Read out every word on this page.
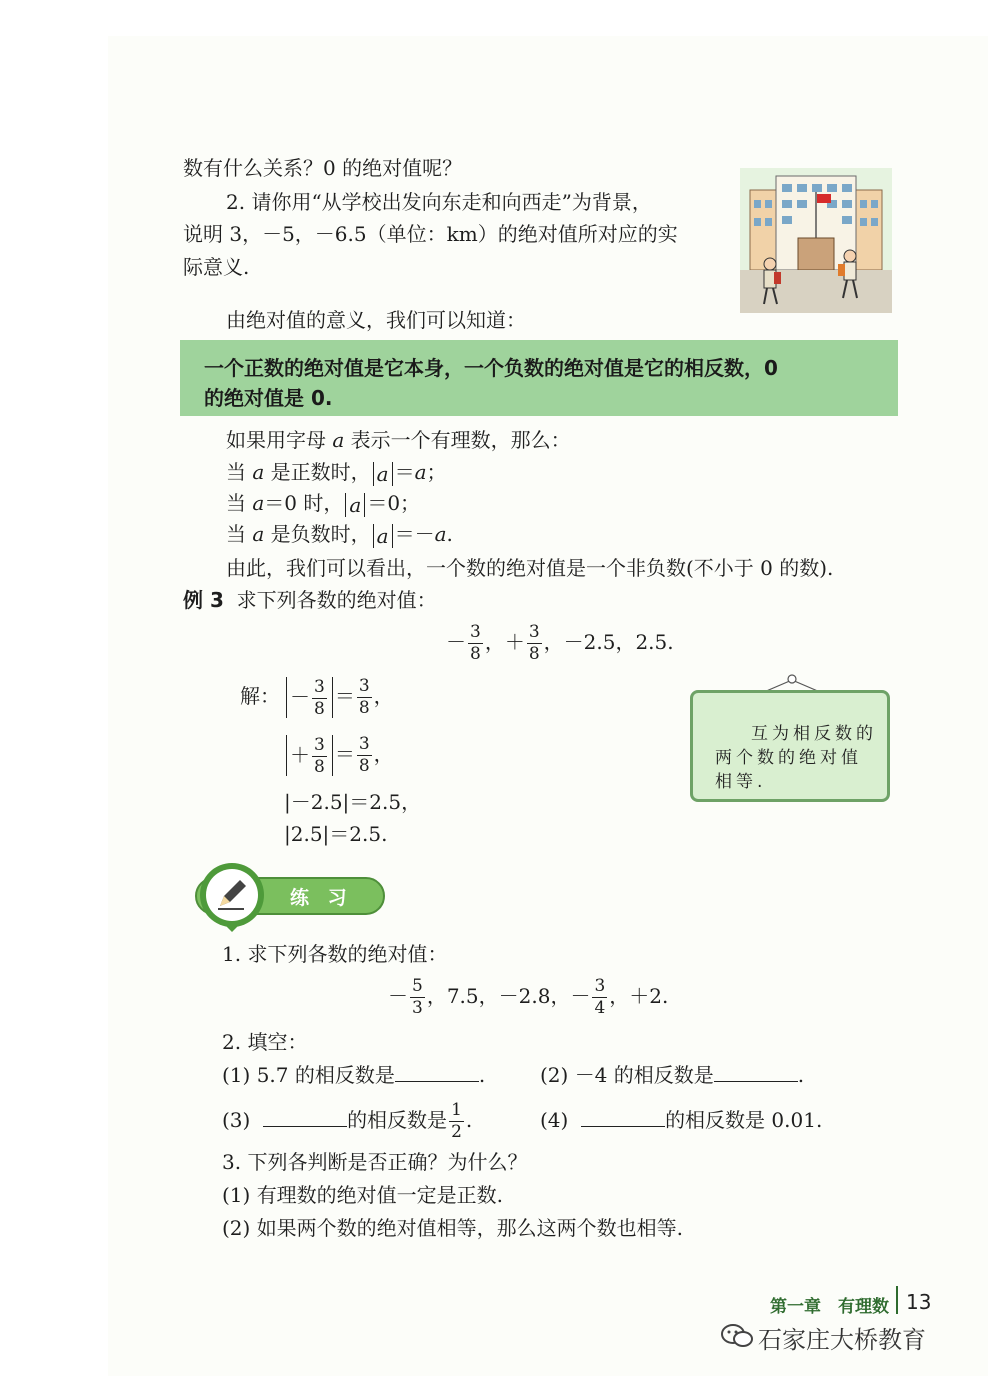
数有什么关系？0 的绝对值呢？
2. 请你用“从学校出发向东走和向西走”为背景，
说明 3，－5，－6.5（单位：km）的绝对值所对应的实
际意义.
由绝对值的意义，我们可以知道：
一个正数的绝对值是它本身，一个负数的绝对值是它的相反数，0
的绝对值是 0.
如果用字母 a 表示一个有理数，那么：
当 a 是正数时， a ＝a；
当 a＝0 时， a ＝0；
当 a 是负数时， a ＝－a.
由此，我们可以看出，一个数的绝对值是一个非负数(不小于 0 的数).
例 3 求下列各数的绝对值：
－ $\frac{3}{8}$ ，＋ $\frac{3}{8}$ ，－2.5，2.5.
解： － $\frac{3}{8} = \frac{3}{8}$ ，
＋ $\frac{3}{8} = \frac{3}{8}$ ，
|－2.5|＝2.5，
|2.5|＝2.5.
互为相反数的
两个数的绝对值
相等.
练 习
1. 求下列各数的绝对值：
－ $\frac{5}{3}$ ，7.5，－2.8，－ $\frac{3}{4}$ ，＋2.
2. 填空：
(1) 5.7 的相反数是	.	(2) －4 的相反数是	.
(3)	的相反数是 $\frac{1}{2}$ .	(4)	的相反数是 0.01.
3. 下列各判断是否正确？为什么？
(1) 有理数的绝对值一定是正数.
(2) 如果两个数的绝对值相等，那么这两个数也相等.
第一章　有理数 13
石家庄大桥教育
